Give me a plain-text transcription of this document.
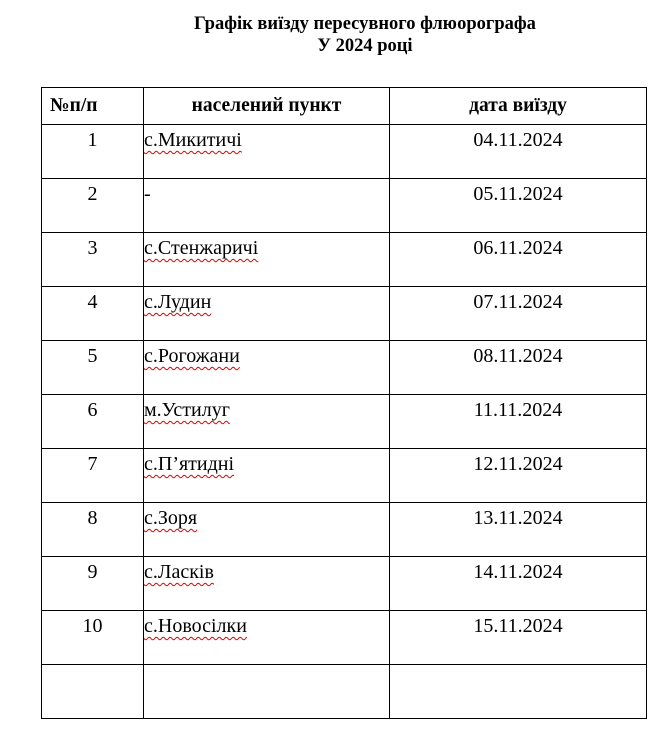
Графік виїзду пересувного флюорографа
У 2024 році
№п/п	населений пункт	дата виїзду
1	с.Микитичі	04.11.2024
2	-	05.11.2024
3	с.Стенжаричі	06.11.2024
4	с.Лудин	07.11.2024
5	с.Рогожани	08.11.2024
6	м.Устилуг	11.11.2024
7	с.П’ятидні	12.11.2024
8	с.Зоря	13.11.2024
9	с.Ласків	14.11.2024
10	с.Новосілки	15.11.2024
